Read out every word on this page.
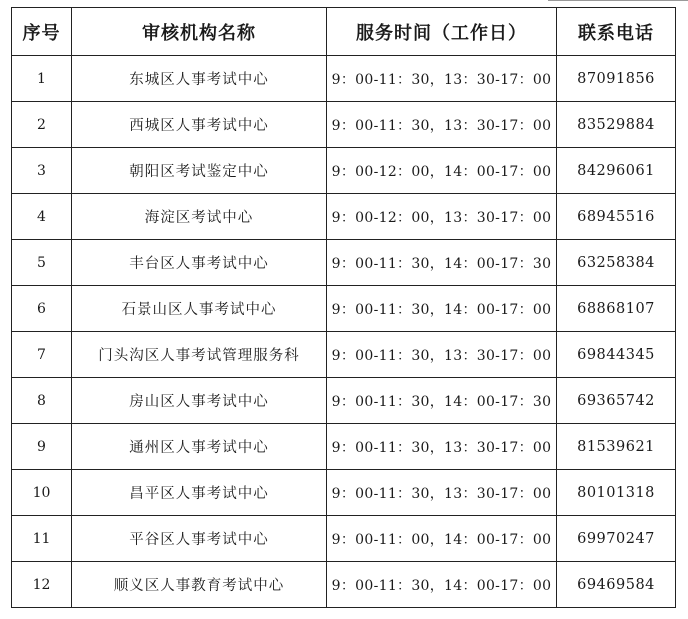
序号	审核机构名称	服务时间（工作日）	联系电话
1	东城区人事考试中心	9：00-11：30，13：30-17：00	87091856
2	西城区人事考试中心	9：00-11：30，13：30-17：00	83529884
3	朝阳区考试鉴定中心	9：00-12：00，14：00-17：00	84296061
4	海淀区考试中心	9：00-12：00，13：30-17：00	68945516
5	丰台区人事考试中心	9：00-11：30，14：00-17：30	63258384
6	石景山区人事考试中心	9：00-11：30，14：00-17：00	68868107
7	门头沟区人事考试管理服务科	9：00-11：30，13：30-17：00	69844345
8	房山区人事考试中心	9：00-11：30，14：00-17：30	69365742
9	通州区人事考试中心	9：00-11：30，13：30-17：00	81539621
10	昌平区人事考试中心	9：00-11：30，13：30-17：00	80101318
11	平谷区人事考试中心	9：00-11：00，14：00-17：00	69970247
12	顺义区人事教育考试中心	9：00-11：30，14：00-17：00	69469584
